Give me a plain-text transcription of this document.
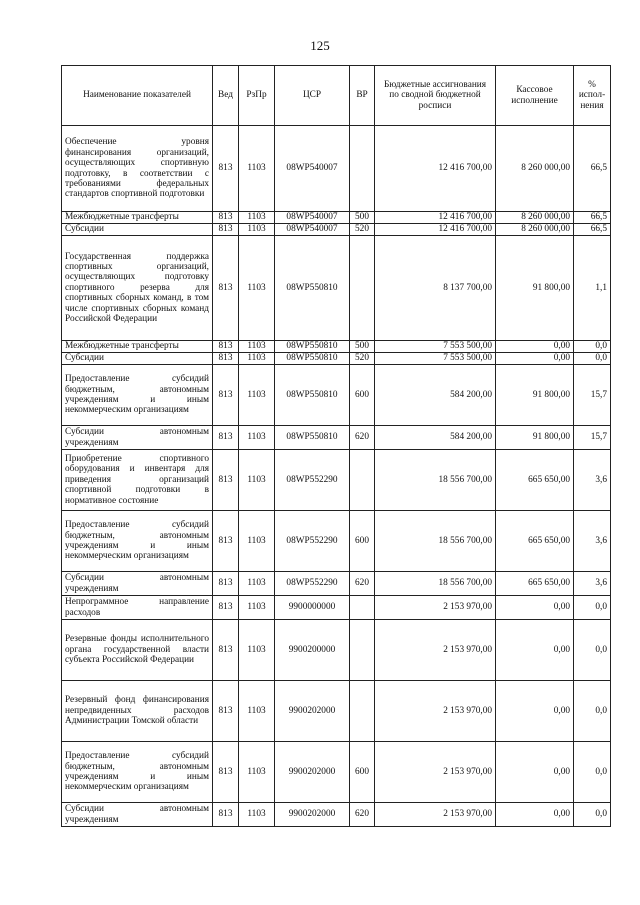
125
Наименование показателей	Вед	РзПр	ЦСР	ВР	Бюджетные ассигнования по сводной бюджетной росписи	Кассовое исполнение	% испол-нения
Обеспечение уровня финансирования организаций, осуществляющих спортивную подготовку, в соответствии с требованиями федеральных стандартов спортивной подготовки	813	1103	08WP540007		12 416 700,00	8 260 000,00	66,5
Межбюджетные трансферты	813	1103	08WP540007	500	12 416 700,00	8 260 000,00	66,5
Субсидии	813	1103	08WP540007	520	12 416 700,00	8 260 000,00	66,5
Государственная поддержка спортивных организаций, осуществляющих подготовку спортивного резерва для спортивных сборных команд, в том числе спортивных сборных команд Российской Федерации	813	1103	08WP550810		8 137 700,00	91 800,00	1,1
Межбюджетные трансферты	813	1103	08WP550810	500	7 553 500,00	0,00	0,0
Субсидии	813	1103	08WP550810	520	7 553 500,00	0,00	0,0
Предоставление субсидий бюджетным, автономным учреждениям и иным некоммерческим организациям	813	1103	08WP550810	600	584 200,00	91 800,00	15,7
Субсидии автономным учреждениям	813	1103	08WP550810	620	584 200,00	91 800,00	15,7
Приобретение спортивного оборудования и инвентаря для приведения организаций спортивной подготовки в нормативное состояние	813	1103	08WP552290		18 556 700,00	665 650,00	3,6
Предоставление субсидий бюджетным, автономным учреждениям и иным некоммерческим организациям	813	1103	08WP552290	600	18 556 700,00	665 650,00	3,6
Субсидии автономным учреждениям	813	1103	08WP552290	620	18 556 700,00	665 650,00	3,6
Непрограммное направление расходов	813	1103	9900000000		2 153 970,00	0,00	0,0
Резервные фонды исполнительного органа государственной власти субъекта Российской Федерации	813	1103	9900200000		2 153 970,00	0,00	0,0
Резервный фонд финансирования непредвиденных расходов Администрации Томской области	813	1103	9900202000		2 153 970,00	0,00	0,0
Предоставление субсидий бюджетным, автономным учреждениям и иным некоммерческим организациям	813	1103	9900202000	600	2 153 970,00	0,00	0,0
Субсидии автономным учреждениям	813	1103	9900202000	620	2 153 970,00	0,00	0,0
